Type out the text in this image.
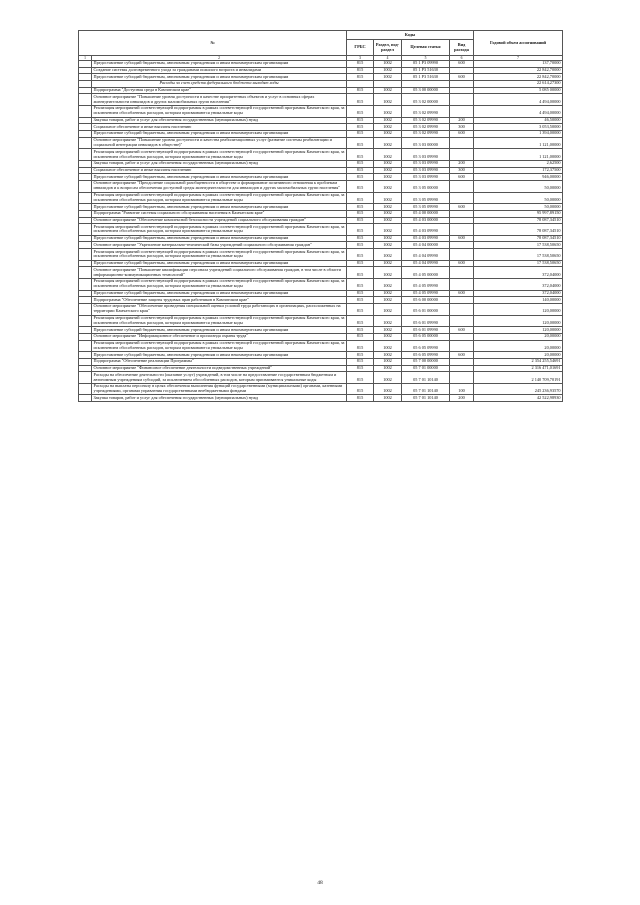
№		Коды				Годовой объем ассигнований
		ГРБС	Раздел, под-раздел	Целевая статья	Вид расхода	
1	2	3	4	5	6	7
	Предоставление субсидий бюджетным, автономным учреждениям и иным некоммерческим организациям	815	1002	05 1 Р3 09990	600	137,70000
	Создание системы долговременного ухода за гражданами пожилого возраста и инвалидами	815	1002	05 1 Р3 51630		22 842,70000
	Предоставление субсидий бюджетным, автономным учреждениям и иным некоммерческим организациям	815	1002	05 1 Р3 51630	600	22 842,70000
	Расходы за счет средств федерального бюджета выходят ходы					22 614,27300
	Подпрограмма "Доступная среда в Камчатском крае"	815	1002	05 3 00 00000		5 085 00000
	Основное мероприятие "Повышение уровня доступности в качестве приоритетных объектов и услуг в основных сферах жизнедеятельности инвалидов и других маломобильных групп населения"	815	1002	05 3 02 00000		4 494,00000
	Реализация мероприятий соответствующей подпрограммы в рамках соответствующей государственной программы Камчатского края, за исключением обособленных расходов, которым присваиваются уникальные коды	815	1002	05 3 02 09990		4 494,00000
	Закупка товаров, работ и услуг для обеспечения государственных (муниципальных) нужд	815	1002	05 3 02 09990	200	46,50000
	Социальное обеспечение и иные выплаты населению	815	1002	05 3 02 09990	300	3 053,50000
	Предоставление субсидий бюджетным, автономным учреждениям и иным некоммерческим организациям	815	1002	05 3 02 09990	600	1 394,00000
	Основное мероприятие "Повышение уровня доступности и качества реабилитационных услуг (развитие системы реабилитации и социальной интеграции инвалидов в обществе)"	815	1002	05 3 03 00000		1 121,00000
	Реализация мероприятий соответствующей подпрограммы в рамках соответствующей государственной программы Камчатского края, за исключением обособленных расходов, которым присваиваются уникальные коды	815	1002	05 3 03 09990		1 121,00000
	Закупка товаров, работ и услуг для обеспечения государственных (муниципальных) нужд	815	1002	05 3 03 09990	200	2,62500
	Социальное обеспечение и иные выплаты населению	815	1002	05 3 03 09990	300	172,37500
	Предоставление субсидий бюджетным, автономным учреждениям и иным некоммерческим организациям	815	1002	05 3 03 09990	600	946,00000
	Основное мероприятие "Преодоление социальной разобщенности в обществе и формирование позитивного отношения к проблемам инвалидов и к вопросам обеспечения доступной среды жизнедеятельности для инвалидов и других маломобильных групп населения"	815	1002	05 3 05 00000		50,00000
	Реализация мероприятий соответствующей подпрограммы в рамках соответствующей государственной программы Камчатского края, за исключением обособленных расходов, которым присваиваются уникальные коды	815	1002	05 3 05 09990		50,00000
	Предоставление субсидий бюджетным, автономным учреждениям и иным некоммерческим организациям	815	1002	05 3 05 09990	600	50,00000
	Подпрограмма "Развитие системы социального обслуживания населения в Камчатском крае"	815	1002	05 4 00 00000		95 997,89150
	Основное мероприятие "Обеспечение комплексной безопасности учреждений социального обслуживания граждан"	815	1002	05 4 03 00000		78 087,34510
	Реализация мероприятий соответствующей подпрограммы в рамках соответствующей государственной программы Камчатского края, за исключением обособленных расходов, которым присваиваются уникальные коды	815	1002	05 4 03 09990		78 087,34510
	Предоставление субсидий бюджетным, автономным учреждениям и иным некоммерческим организациям	815	1002	05 4 03 09990	600	78 087,34510
	Основное мероприятие "Укрепление материально-технической базы учреждений социального обслуживания граждан"	815	1002	05 4 04 00000		17 538,50650
	Реализация мероприятий соответствующей подпрограммы в рамках соответствующей государственной программы Камчатского края, за исключением обособленных расходов, которым присваиваются уникальные коды	815	1002	05 4 04 09990		17 538,50650
	Предоставление субсидий бюджетным, автономным учреждениям и иным некоммерческим организациям	815	1002	05 4 04 09990	600	17 538,50650
	Основное мероприятие "Повышение квалификации персонала учреждений социального обслуживания граждан, в том числе в области информационно-коммуникационных технологий"	815	1002	05 4 05 00000		372,04000
	Реализация мероприятий соответствующей подпрограммы в рамках соответствующей государственной программы Камчатского края, за исключением обособленных расходов, которым присваиваются уникальные коды	815	1002	05 4 05 09990		372,04000
	Предоставление субсидий бюджетным, автономным учреждениям и иным некоммерческим организациям	815	1002	05 4 05 09990	600	372,04000
	Подпрограмма "Обеспечение защиты трудовых прав работников в Камчатском крае"	815	1002	05 6 00 00000		140,00000
	Основное мероприятие "Обеспечение проведения специальной оценки условий труда работающих в организациях, расположенных на территории Камчатского края"	815	1002	05 6 01 00000		120,00000
	Реализация мероприятий соответствующей подпрограммы в рамках соответствующей государственной программы Камчатского края, за исключением обособленных расходов, которым присваиваются уникальные коды	815	1002	05 6 01 09990		120,00000
	Предоставление субсидий бюджетным, автономным учреждениям и иным некоммерческим организациям	815	1002	05 6 01 09990	600	120,00000
	Основное мероприятие "Информационное обеспечение и пропаганда охраны труда"	815	1002	05 6 05 00000		20,00000
	Реализация мероприятий соответствующей подпрограммы в рамках соответствующей государственной программы Камчатского края, за исключением обособленных расходов, которым присваиваются уникальные коды	815	1002	05 6 05 09990		20,00000
	Предоставление субсидий бюджетным, автономным учреждениям и иным некоммерческим организациям	815	1002	05 6 05 09990	600	20,00000
	Подпрограмма "Обеспечение реализации Программы"	815	1002	05 7 00 00000		2 354 255,54691
	Основное мероприятие "Финансовое обеспечение деятельности подведомственных учреждений"	815	1002	05 7 01 00000		2 316 471,01691
	Расходы на обеспечение деятельности (оказание услуг) учреждений, в том числе на предоставление государственным бюджетным и автономным учреждениям субсидий, за исключением обособленных расходов, которым присваиваются уникальные коды	815	1002	05 7 01 10140		2 140 709,70191
	Расходы на выплаты персоналу в целях обеспечения выполнения функций государственными (муниципальными) органами, казенными учреждениями, органами управления государственными внебюджетными фондами	815	1002	05 7 01 10140	100	245 236,93570
	Закупка товаров, работ и услуг для обеспечения государственных (муниципальных) нужд	815	1002	05 7 01 10140	200	42 522,98930
48
